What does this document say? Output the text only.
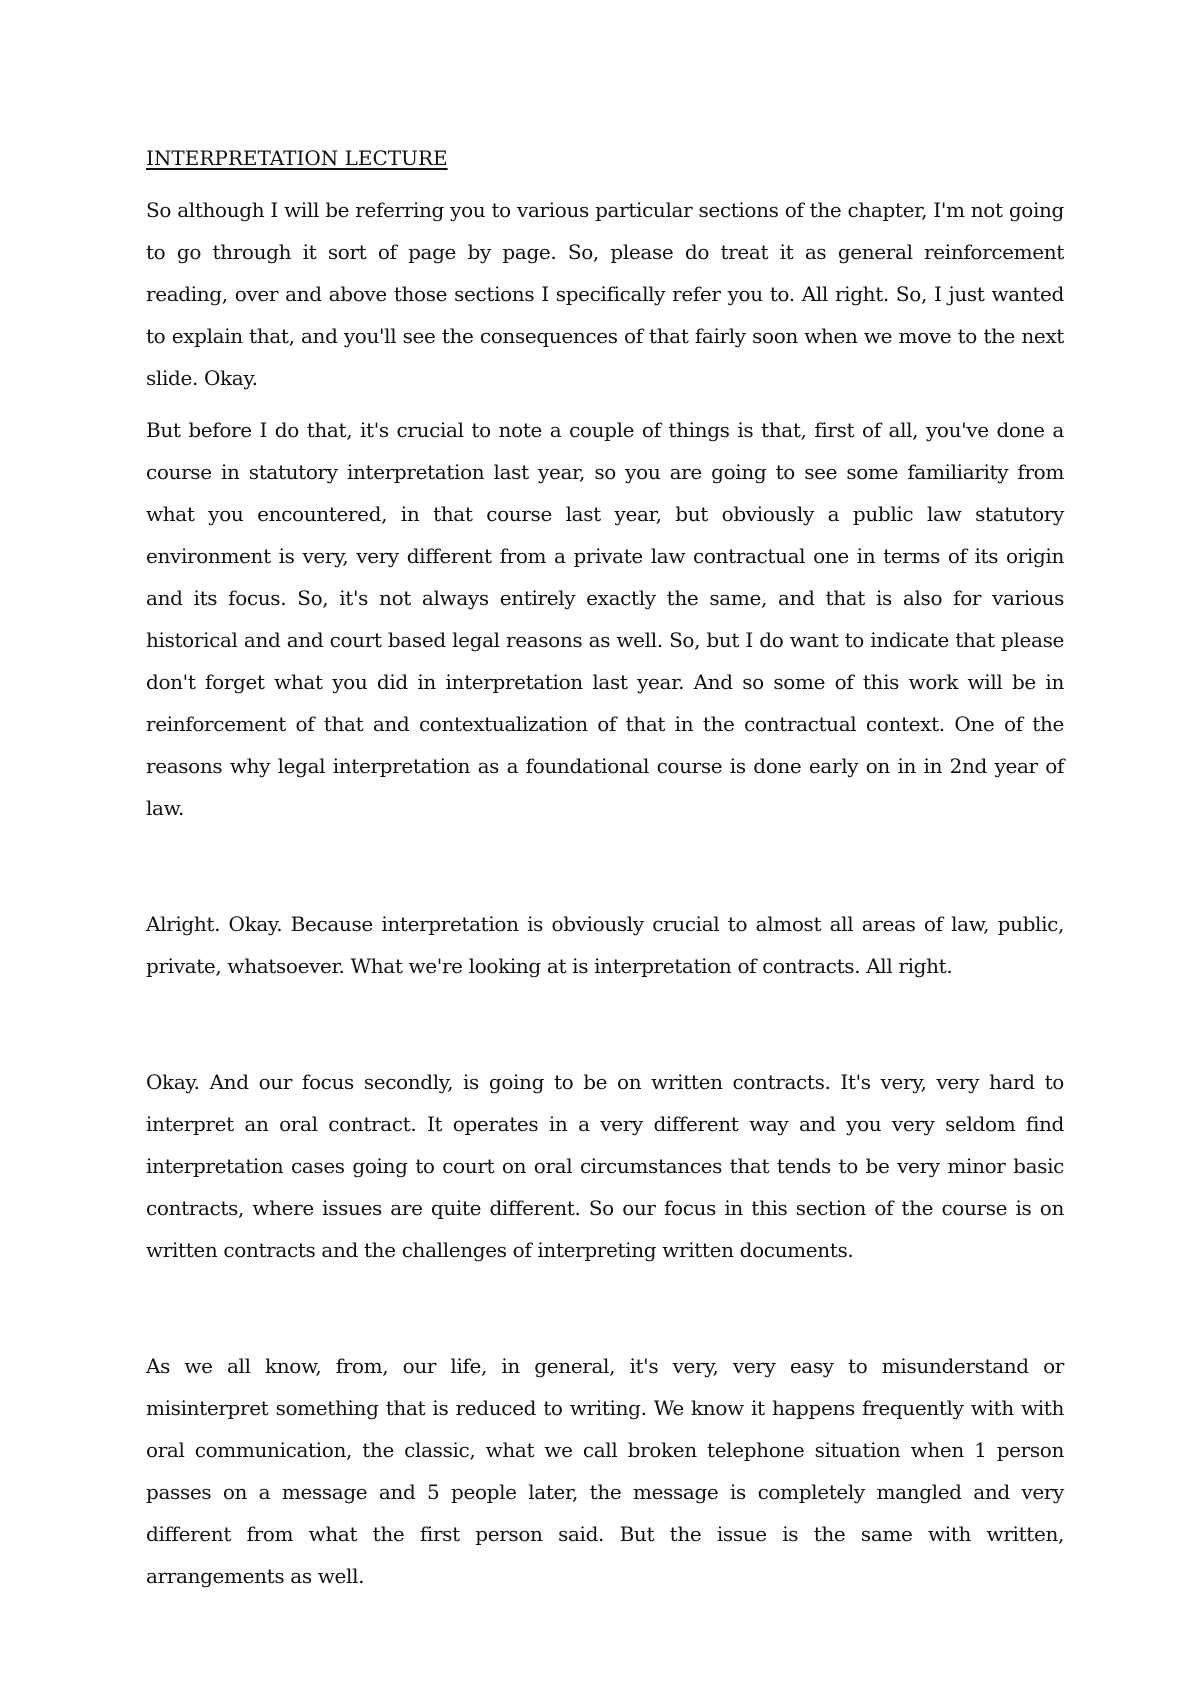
INTERPRETATION LECTURE

So although I will be referring you to various particular sections of the chapter, I'm not going to go through it sort of page by page. So, please do treat it as general reinforcement reading, over and above those sections I specifically refer you to. All right. So, I just wanted to explain that, and you'll see the consequences of that fairly soon when we move to the next slide. Okay.

But before I do that, it's crucial to note a couple of things is that, first of all, you've done a course in statutory interpretation last year, so you are going to see some familiarity from what you encountered, in that course last year, but obviously a public law statutory environment is very, very different from a private law contractual one in terms of its origin and its focus. So, it's not always entirely exactly the same, and that is also for various historical and and court based legal reasons as well. So, but I do want to indicate that please don't forget what you did in interpretation last year. And so some of this work will be in reinforcement of that and contextualization of that in the contractual context. One of the reasons why legal interpretation as a foundational course is done early on in in 2nd year of law.

Alright. Okay. Because interpretation is obviously crucial to almost all areas of law, public, private, whatsoever. What we're looking at is interpretation of contracts. All right.

Okay. And our focus secondly, is going to be on written contracts. It's very, very hard to interpret an oral contract. It operates in a very different way and you very seldom find interpretation cases going to court on oral circumstances that tends to be very minor basic contracts, where issues are quite different. So our focus in this section of the course is on written contracts and the challenges of interpreting written documents.

As we all know, from, our life, in general, it's very, very easy to misunderstand or misinterpret something that is reduced to writing. We know it happens frequently with with oral communication, the classic, what we call broken telephone situation when 1 person passes on a message and 5 people later, the message is completely mangled and very different from what the first person said. But the issue is the same with written, arrangements as well.
